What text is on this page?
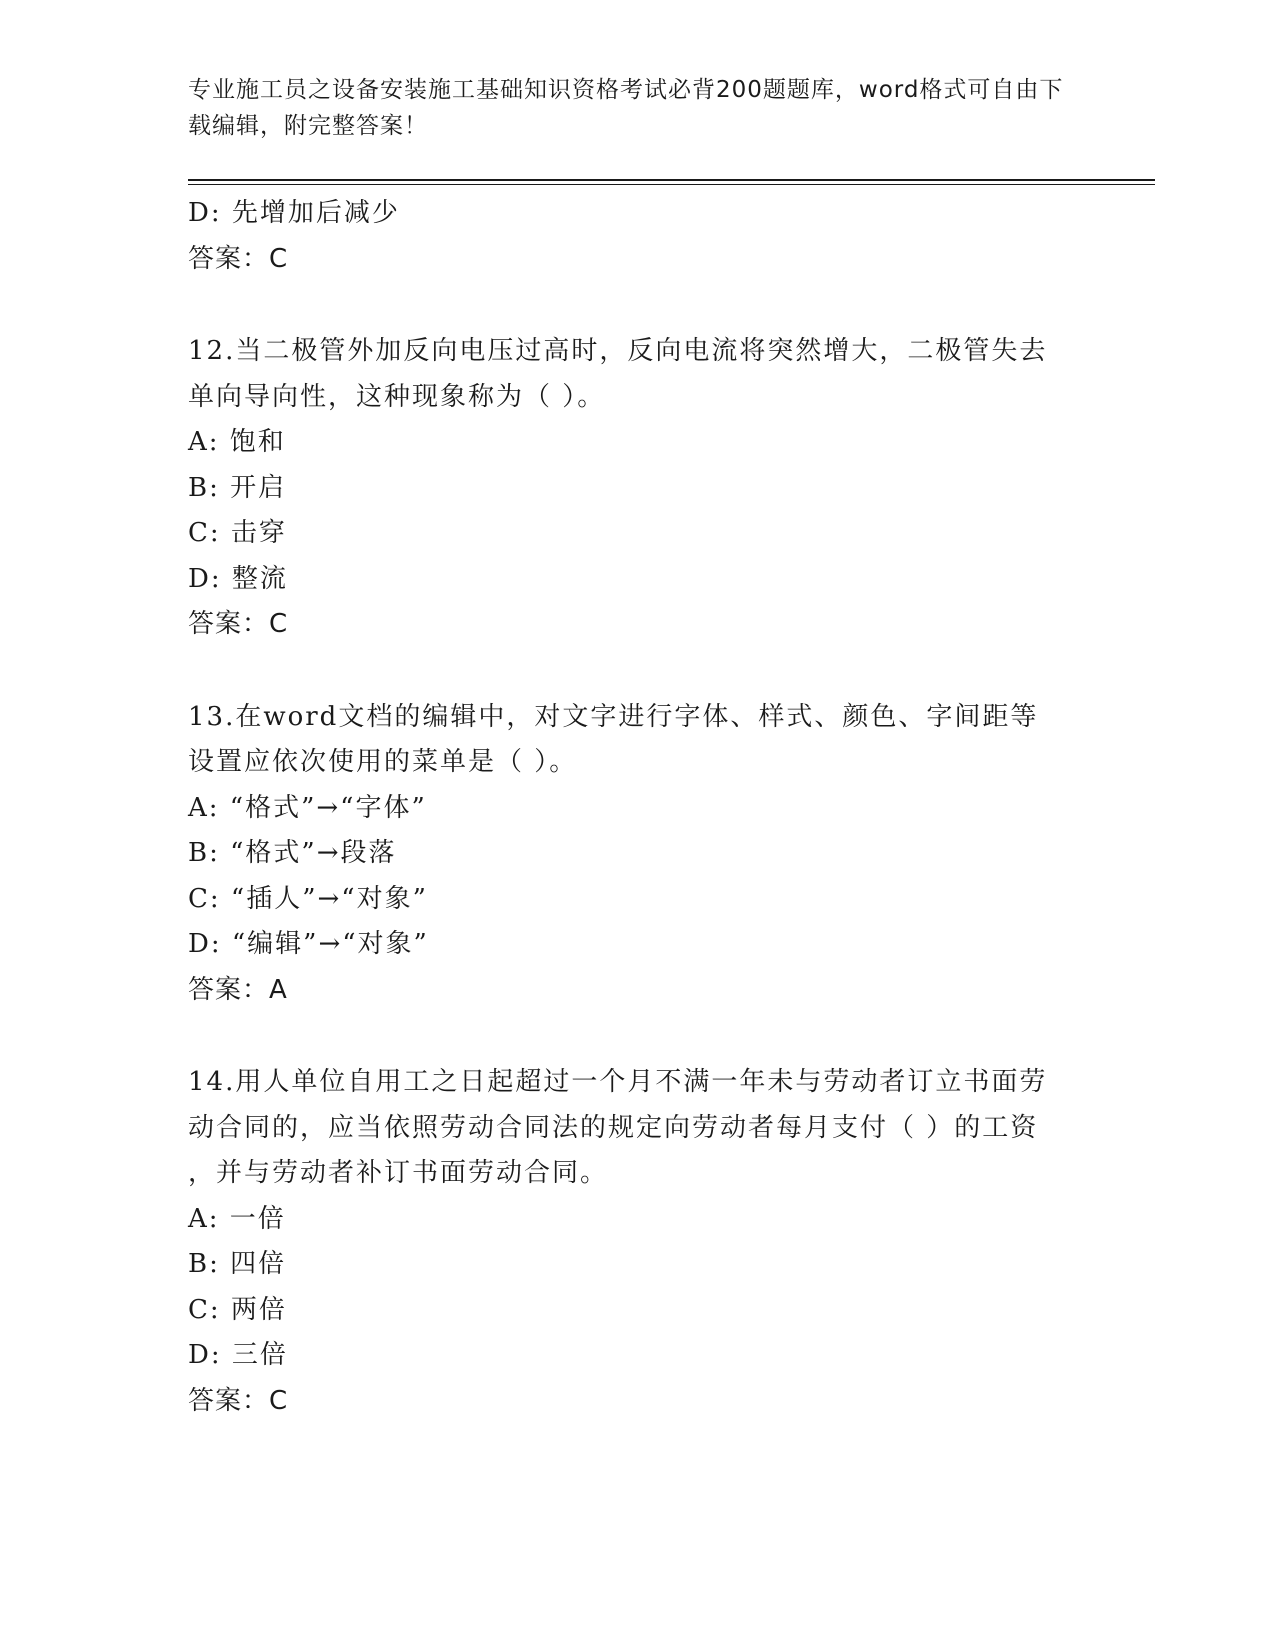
专业施工员之设备安装施工基础知识资格考试必背200题题库，word格式可自由下载编辑，附完整答案！
D: 先增加后减少
答案：C
12.当二极管外加反向电压过高时，反向电流将突然增大，二极管失去
单向导向性，这种现象称为（ ）。
A: 饱和
B: 开启
C: 击穿
D: 整流
答案：C
13.在word文档的编辑中，对文字进行字体、样式、颜色、字间距等
设置应依次使用的菜单是（ ）。
A: “格式”→“字体”
B: “格式”→段落
C: “插人”→“对象”
D: “编辑”→“对象”
答案：A
14.用人单位自用工之日起超过一个月不满一年未与劳动者订立书面劳
动合同的，应当依照劳动合同法的规定向劳动者每月支付（ ）的工资
，并与劳动者补订书面劳动合同。
A: 一倍
B: 四倍
C: 两倍
D: 三倍
答案：C
